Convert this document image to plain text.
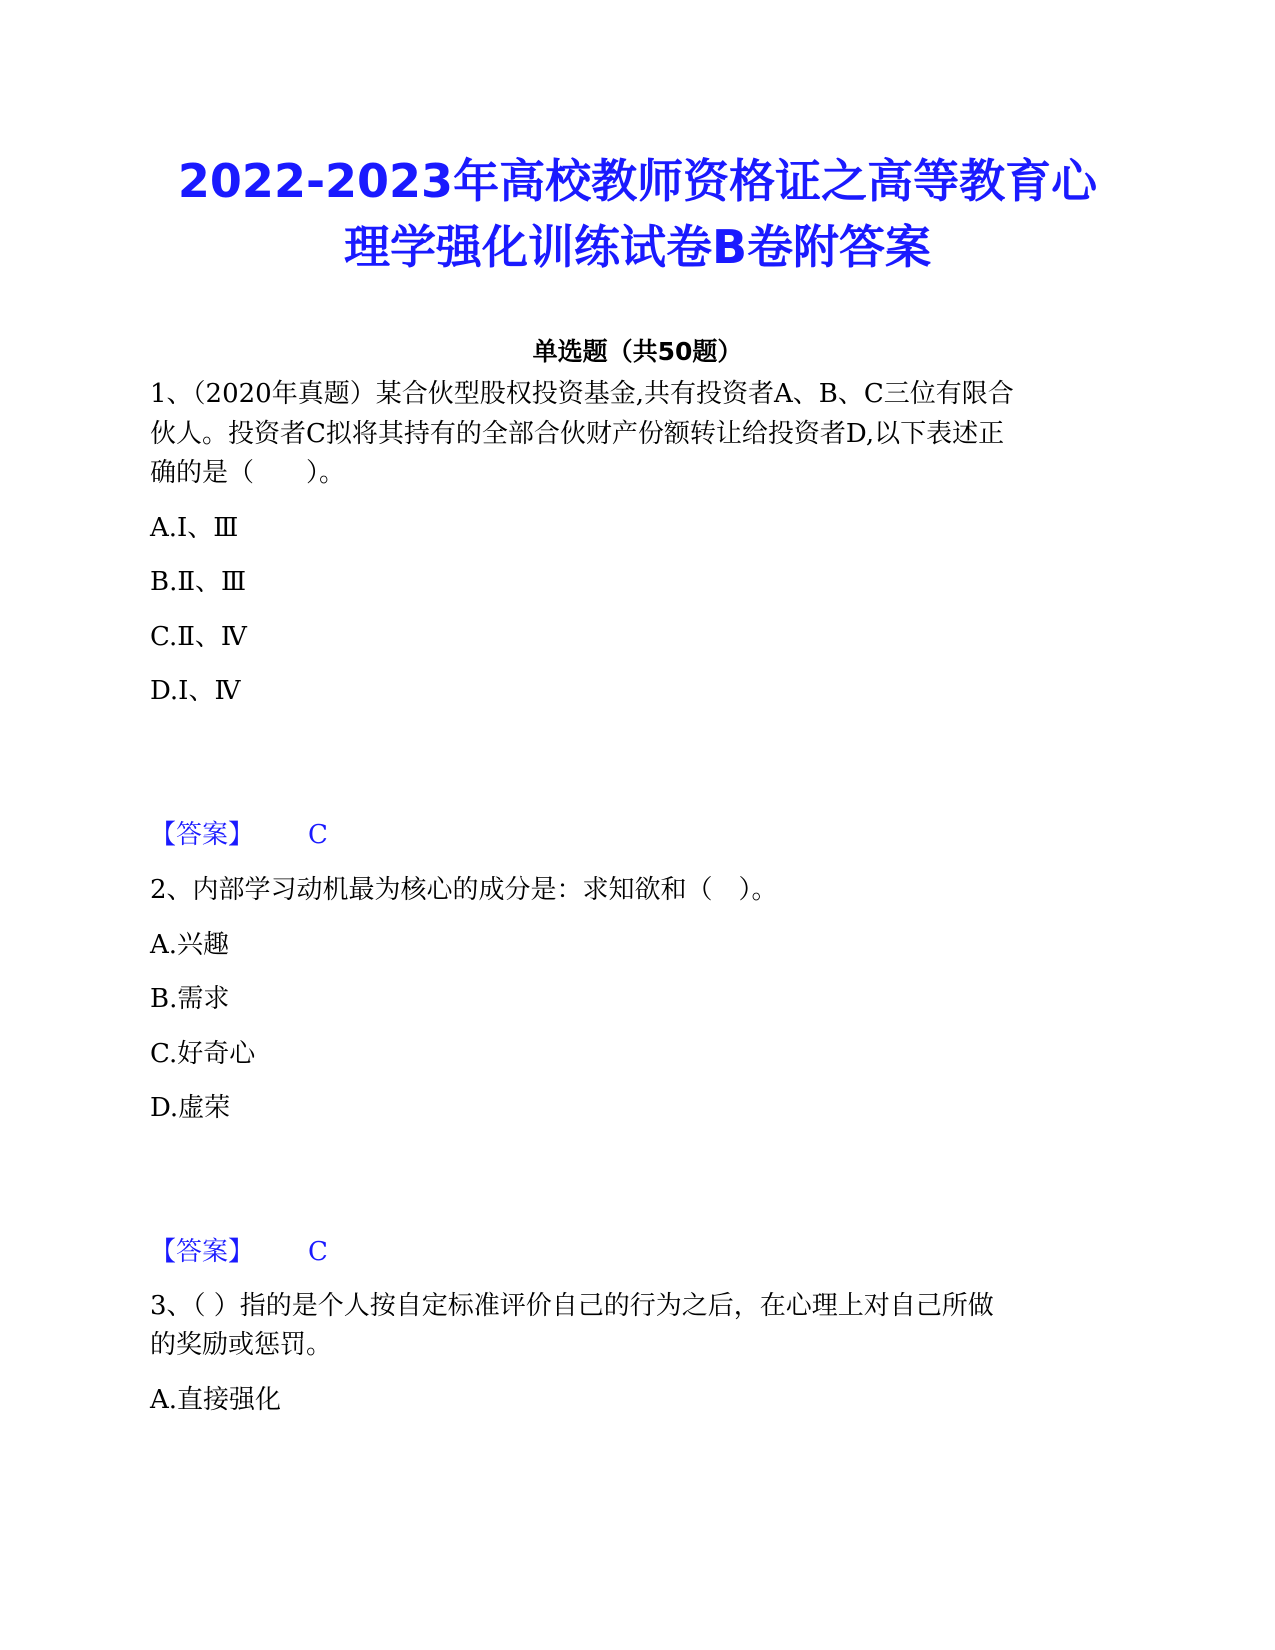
2022-2023年高校教师资格证之高等教育心
理学强化训练试卷B卷附答案
单选题（共50题）

1、（2020年真题）某合伙型股权投资基金,共有投资者A、B、C三位有限合

伙人。投资者C拟将其持有的全部合伙财产份额转让给投资者D,以下表述正

确的是（　　）。

A.Ⅰ、Ⅲ

B.Ⅱ、Ⅲ

C.Ⅱ、Ⅳ

D.Ⅰ、Ⅳ

【答案】 C

2、内部学习动机最为核心的成分是：求知欲和（　）。

A.兴趣

B.需求

C.好奇心

D.虚荣

【答案】 C

3、（ ）指的是个人按自定标准评价自己的行为之后，在心理上对自己所做

的奖励或惩罚。

A.直接强化
